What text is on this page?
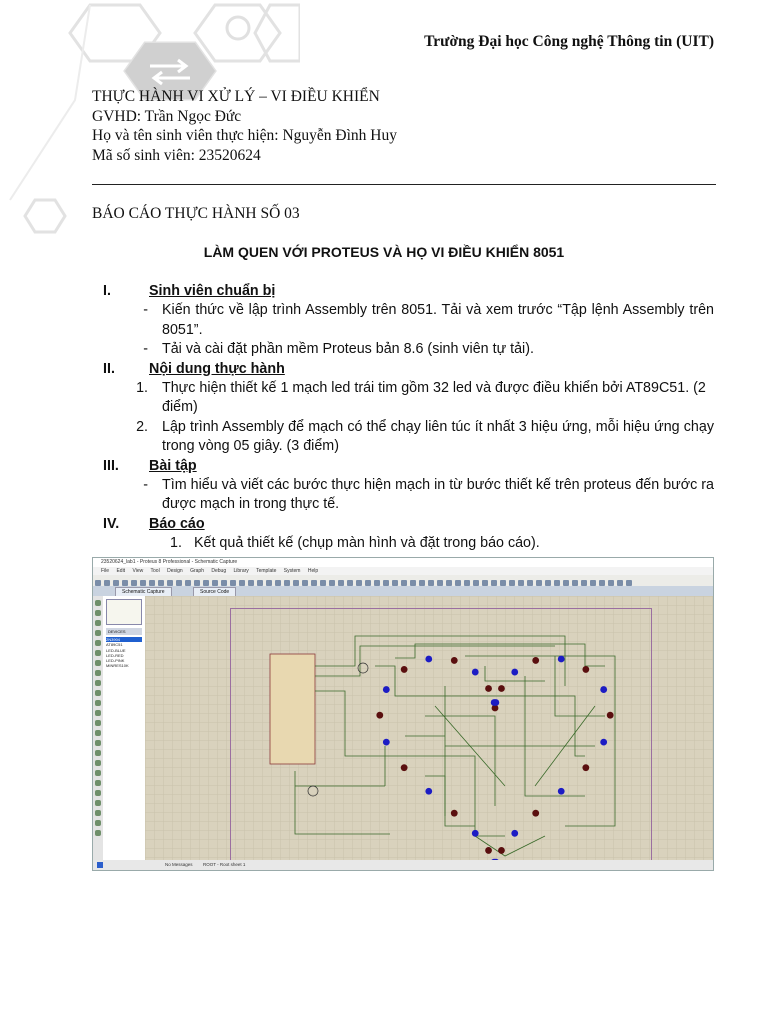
Trường Đại học Công nghệ Thông tin (UIT)
THỰC HÀNH VI XỬ LÝ – VI ĐIỀU KHIỂN
GVHD: Trần Ngọc Đức
Họ và tên sinh viên thực hiện: Nguyễn Đình Huy
Mã số sinh viên: 23520624
BÁO CÁO THỰC HÀNH SỐ 03
LÀM QUEN VỚI PROTEUS VÀ HỌ VI ĐIỀU KHIỂN 8051
I.	Sinh viên chuẩn bị
- Kiến thức về lập trình Assembly trên 8051. Tải và xem trước “Tập lệnh Assembly trên 8051”.
- Tải và cài đặt phần mềm Proteus bản 8.6 (sinh viên tự tải).
II.	Nội dung thực hành
1. Thực hiện thiết kế 1 mạch led trái tim gồm 32 led và được điều khiển bởi AT89C51. (2 điểm)
2. Lập trình Assembly để mạch có thể chạy liên túc ít nhất 3 hiệu ứng, mỗi hiệu ứng chạy trong vòng 05 giây. (3 điểm)
III.	Bài tập
- Tìm hiểu và viết các bước thực hiện mạch in từ bước thiết kế trên proteus đến bước ra được mạch in trong thực tế.
IV.	Báo cáo
1. Kết quả thiết kế (chụp màn hình và đặt trong báo cáo).
23520624_lab1 - Proteus 8 Professional - Schematic Capture
File Edit View Tool Design Graph Debug Library Template System Help
Schematic Capture	Source Code
DEVICES
2N3904
AT89C51
LED-BLUE
LED-RED
LED-PINK
MINRES10K
No Messages ROOT - Root sheet 1
